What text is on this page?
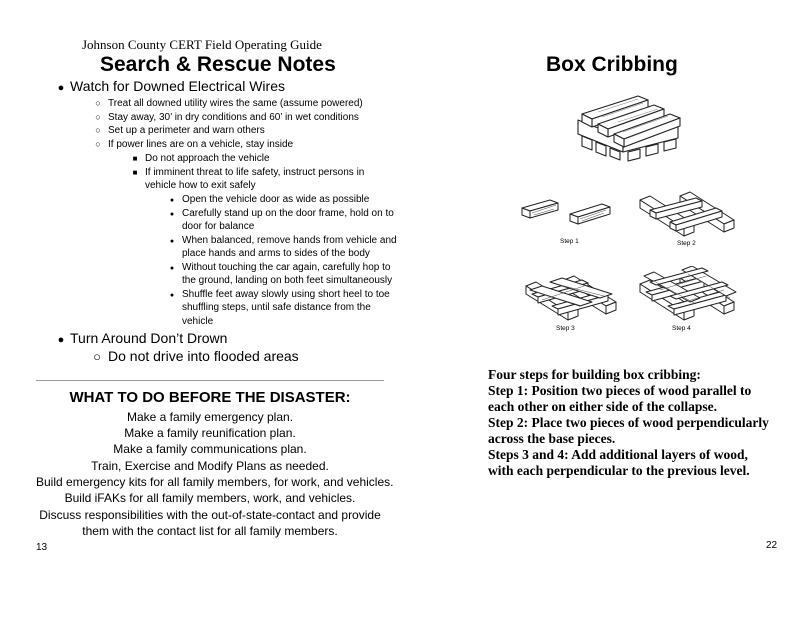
Johnson County CERT Field Operating Guide
Search & Rescue Notes
● Watch for Downed Electrical Wires
○ Treat all downed utility wires the same (assume powered)
○ Stay away, 30’ in dry conditions and 60’ in wet conditions
○ Set up a perimeter and warn others
○ If power lines are on a vehicle, stay inside
■ Do not approach the vehicle
■ If imminent threat to life safety, instruct persons in
vehicle how to exit safely
● Open the vehicle door as wide as possible
● Carefully stand up on the door frame, hold on to
door for balance
● When balanced, remove hands from vehicle and
place hands and arms to sides of the body
● Without touching the car again, carefully hop to
the ground, landing on both feet simultaneously
● Shuffle feet away slowly using short heel to toe
shuffling steps, until safe distance from the
vehicle
● Turn Around Don’t Drown
○ Do not drive into flooded areas
WHAT TO DO BEFORE THE DISASTER:
Make a family emergency plan.
Make a family reunification plan.
Make a family communications plan.
Train, Exercise and Modify Plans as needed.
Build emergency kits for all family members, for work, and vehicles.
Build iFAKs for all family members, work, and vehicles.
Discuss responsibilities with the out-of-state-contact and provide
them with the contact list for all family members.
13
Box Cribbing
Step 1	Step 2
Step 3	Step 4
Four steps for building box cribbing:
Step 1: Position two pieces of wood parallel to
each other on either side of the collapse.
Step 2: Place two pieces of wood perpendicularly
across the base pieces.
Steps 3 and 4: Add additional layers of wood,
with each perpendicular to the previous level.
22
